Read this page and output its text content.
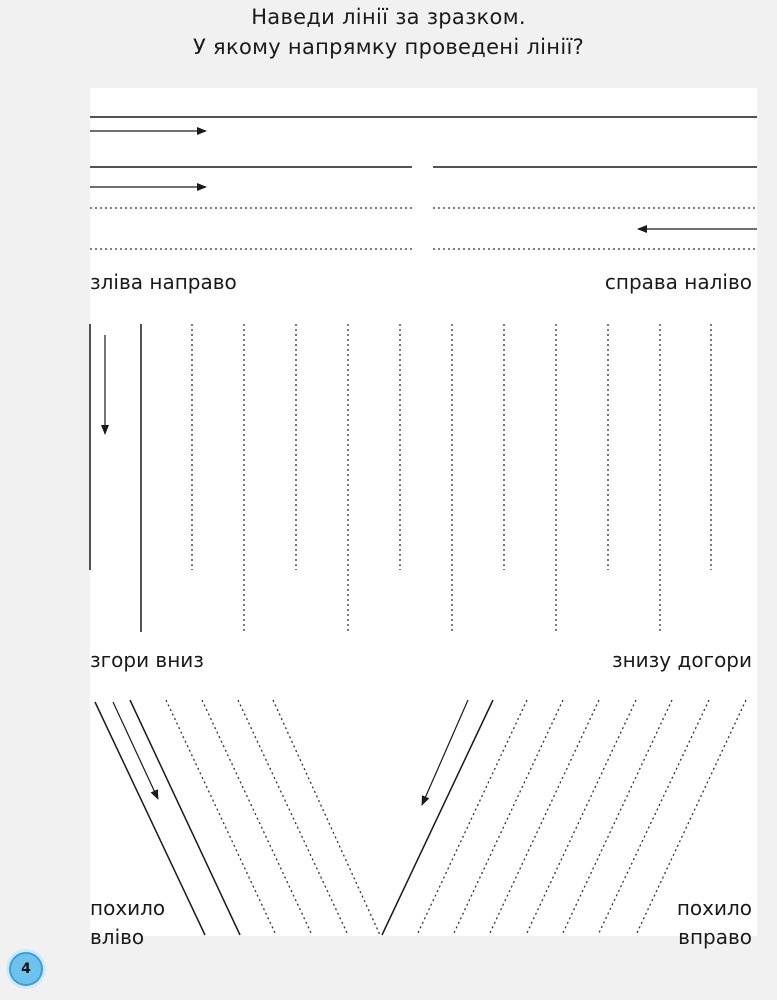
Наведи лінії за зразком.
У якому напрямку проведені лінії?
зліва направо	справа наліво
згори вниз	знизу догори
похило
вліво
похило
вправо
4
